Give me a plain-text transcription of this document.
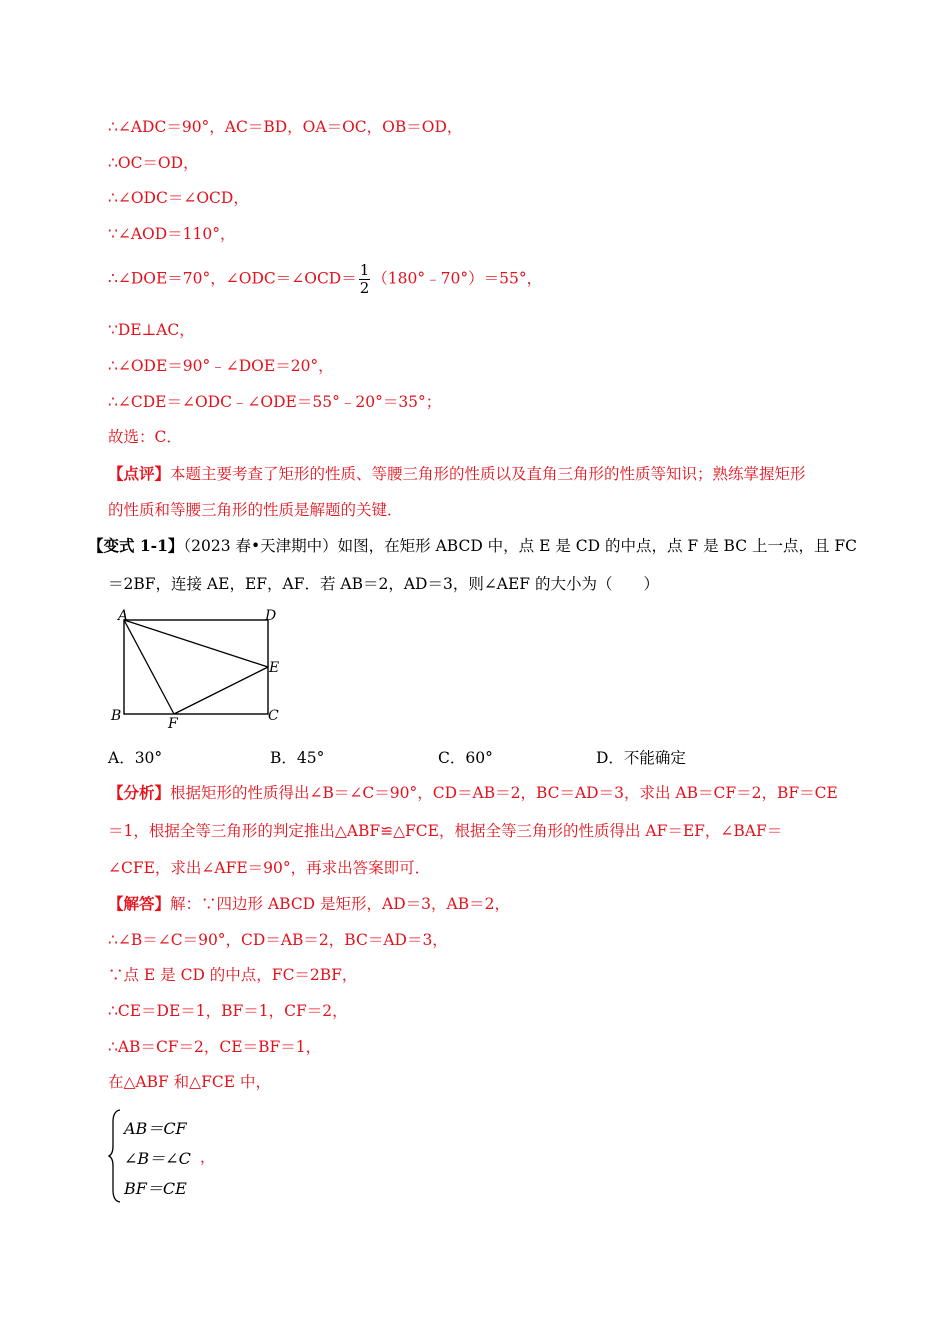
∴∠ADC＝90°，AC＝BD，OA＝OC，OB＝OD，
∴OC＝OD，
∴∠ODC＝∠OCD，
∵∠AOD＝110°，
∴∠DOE＝70°，∠ODC＝∠OCD＝ $\frac{1}{2}$ （180°﹣70°）＝55°，
∵DE⊥AC，
∴∠ODE＝90°﹣∠DOE＝20°，
∴∠CDE＝∠ODC﹣∠ODE＝55°﹣20°＝35°；
故选：C．
【点评】本题主要考查了矩形的性质、等腰三角形的性质以及直角三角形的性质等知识；熟练掌握矩形
的性质和等腰三角形的性质是解题的关键．
【变式 1-1】（2023 春•天津期中）如图，在矩形 ABCD 中，点 E 是 CD 的中点，点 F 是 BC 上一点，且 FC
＝2BF，连接 AE，EF，AF．若 AB＝2，AD＝3，则∠AEF 的大小为（　　）
A	D
E
B	C
F
A．30°	B．45°	C．60°	D．不能确定
【分析】根据矩形的性质得出∠B＝∠C＝90°，CD＝AB＝2，BC＝AD＝3，求出 AB＝CF＝2，BF＝CE
＝1，根据全等三角形的判定推出△ABF≌△FCE，根据全等三角形的性质得出 AF＝EF，∠BAF＝
∠CFE，求出∠AFE＝90°，再求出答案即可．
【解答】解：∵四边形 ABCD 是矩形，AD＝3，AB＝2，
∴∠B＝∠C＝90°，CD＝AB＝2，BC＝AD＝3，
∵点 E 是 CD 的中点，FC＝2BF，
∴CE＝DE＝1，BF＝1，CF＝2，
∴AB＝CF＝2，CE＝BF＝1，
在△ABF 和△FCE 中，
AB＝CF
∠B＝∠C
BF＝CE
，
